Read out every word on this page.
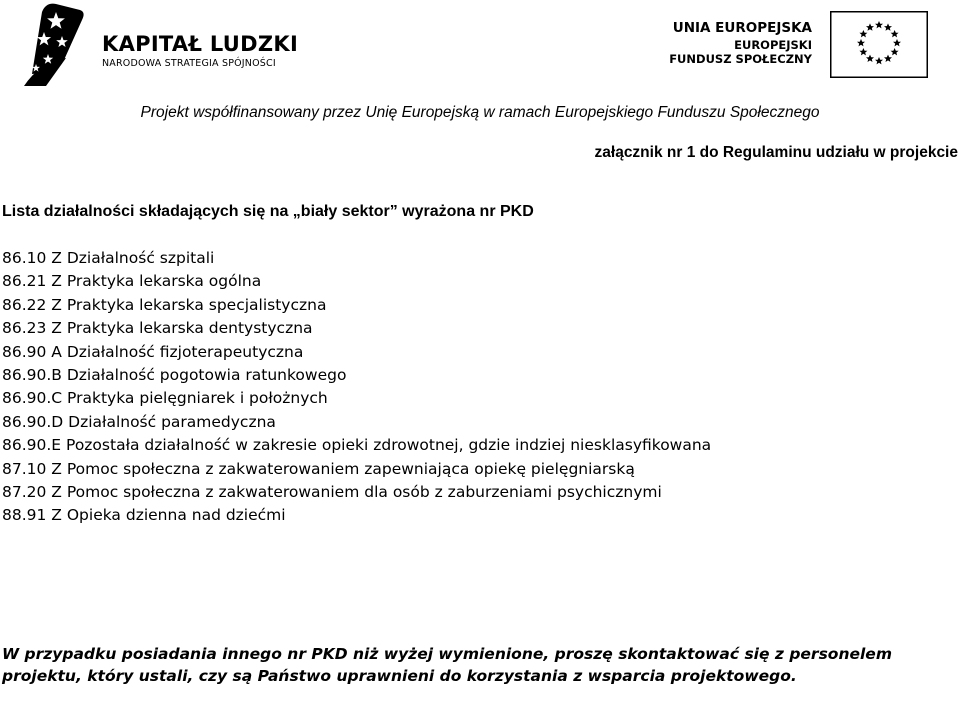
KAPITAŁ LUDZKI
NARODOWA STRATEGIA SPÓJNOŚCI
UNIA EUROPEJSKA
EUROPEJSKI
FUNDUSZ SPOŁECZNY
Projekt współfinansowany przez Unię Europejską w ramach Europejskiego Funduszu Społecznego
załącznik nr 1 do Regulaminu udziału w projekcie
Lista działalności składających się na „biały sektor” wyrażona nr PKD
86.10 Z Działalność szpitali
86.21 Z Praktyka lekarska ogólna
86.22 Z Praktyka lekarska specjalistyczna
86.23 Z Praktyka lekarska dentystyczna
86.90 A Działalność fizjoterapeutyczna
86.90.B Działalność pogotowia ratunkowego
86.90.C Praktyka pielęgniarek i położnych
86.90.D Działalność paramedyczna
86.90.E Pozostała działalność w zakresie opieki zdrowotnej, gdzie indziej niesklasyfikowana
87.10 Z Pomoc społeczna z zakwaterowaniem zapewniająca opiekę pielęgniarską
87.20 Z Pomoc społeczna z zakwaterowaniem dla osób z zaburzeniami psychicznymi
88.91 Z Opieka dzienna nad dziećmi

W przypadku posiadania innego nr PKD niż wyżej wymienione, proszę skontaktować się z personelem projektu, który ustali, czy są Państwo uprawnieni do korzystania z wsparcia projektowego.
